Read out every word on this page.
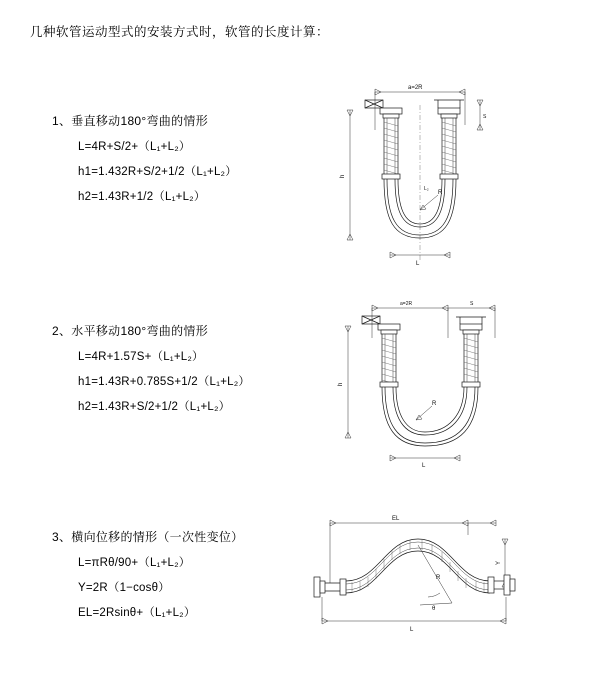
几种软管运动型式的安装方式时，软管的长度计算：
1、垂直移动180°弯曲的情形
L=4R+S/2+（L₁+L₂）
h1=1.432R+S/2+1/2（L₁+L₂）
h2=1.43R+1/2（L₁+L₂）
a=2R
S
h
R
L
L₂
2、水平移动180°弯曲的情形
L=4R+1.57S+（L₁+L₂）
h1=1.43R+0.785S+1/2（L₁+L₂）
h2=1.43R+S/2+1/2（L₁+L₂）
a=2R	S
h
R
L
3、横向位移的情形（一次性变位）
L=πRθ/90+（L₁+L₂）
Y=2R（1−cosθ）
EL=2Rsinθ+（L₁+L₂）
EL
Y
θ
R
L
